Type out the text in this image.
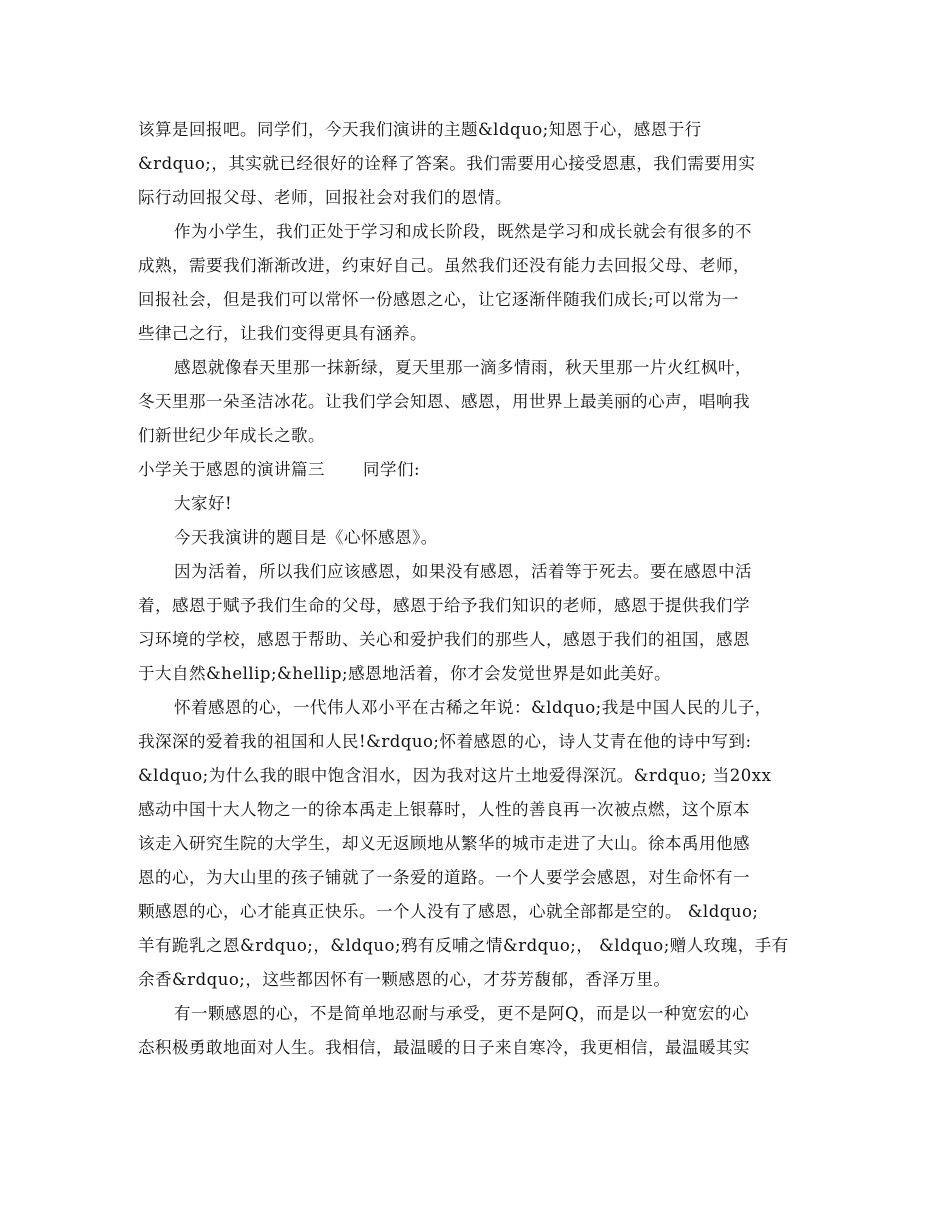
该算是回报吧。同学们，今天我们演讲的主题&ldquo;知恩于心，感恩于行
&rdquo;，其实就已经很好的诠释了答案。我们需要用心接受恩惠，我们需要用实
际行动回报父母、老师，回报社会对我们的恩情。
作为小学生，我们正处于学习和成长阶段，既然是学习和成长就会有很多的不
成熟，需要我们渐渐改进，约束好自己。虽然我们还没有能力去回报父母、老师，
回报社会，但是我们可以常怀一份感恩之心，让它逐渐伴随我们成长;可以常为一
些律己之行，让我们变得更具有涵养。
感恩就像春天里那一抹新绿，夏天里那一滴多情雨，秋天里那一片火红枫叶，
冬天里那一朵圣洁冰花。让我们学会知恩、感恩，用世界上最美丽的心声，唱响我
们新世纪少年成长之歌。
小学关于感恩的演讲篇三 同学们:
大家好!
今天我演讲的题目是《心怀感恩》。
因为活着，所以我们应该感恩，如果没有感恩，活着等于死去。要在感恩中活
着，感恩于赋予我们生命的父母，感恩于给予我们知识的老师，感恩于提供我们学
习环境的学校，感恩于帮助、关心和爱护我们的那些人，感恩于我们的祖国，感恩
于大自然&hellip;&hellip;感恩地活着，你才会发觉世界是如此美好。
怀着感恩的心，一代伟人邓小平在古稀之年说：&ldquo;我是中国人民的儿子，
我深深的爱着我的祖国和人民!&rdquo;怀着感恩的心，诗人艾青在他的诗中写到:
&ldquo;为什么我的眼中饱含泪水，因为我对这片土地爱得深沉。&rdquo; 当20xx
感动中国十大人物之一的徐本禹走上银幕时，人性的善良再一次被点燃，这个原本
该走入研究生院的大学生，却义无返顾地从繁华的城市走进了大山。徐本禹用他感
恩的心，为大山里的孩子铺就了一条爱的道路。一个人要学会感恩，对生命怀有一
颗感恩的心，心才能真正快乐。一个人没有了感恩，心就全部都是空的。 &ldquo;
羊有跪乳之恩&rdquo;，&ldquo;鸦有反哺之情&rdquo;， &ldquo;赠人玫瑰，手有
余香&rdquo;，这些都因怀有一颗感恩的心，才芬芳馥郁，香泽万里。
有一颗感恩的心，不是简单地忍耐与承受，更不是阿Q，而是以一种宽宏的心
态积极勇敢地面对人生。我相信，最温暖的日子来自寒冷，我更相信，最温暖其实
